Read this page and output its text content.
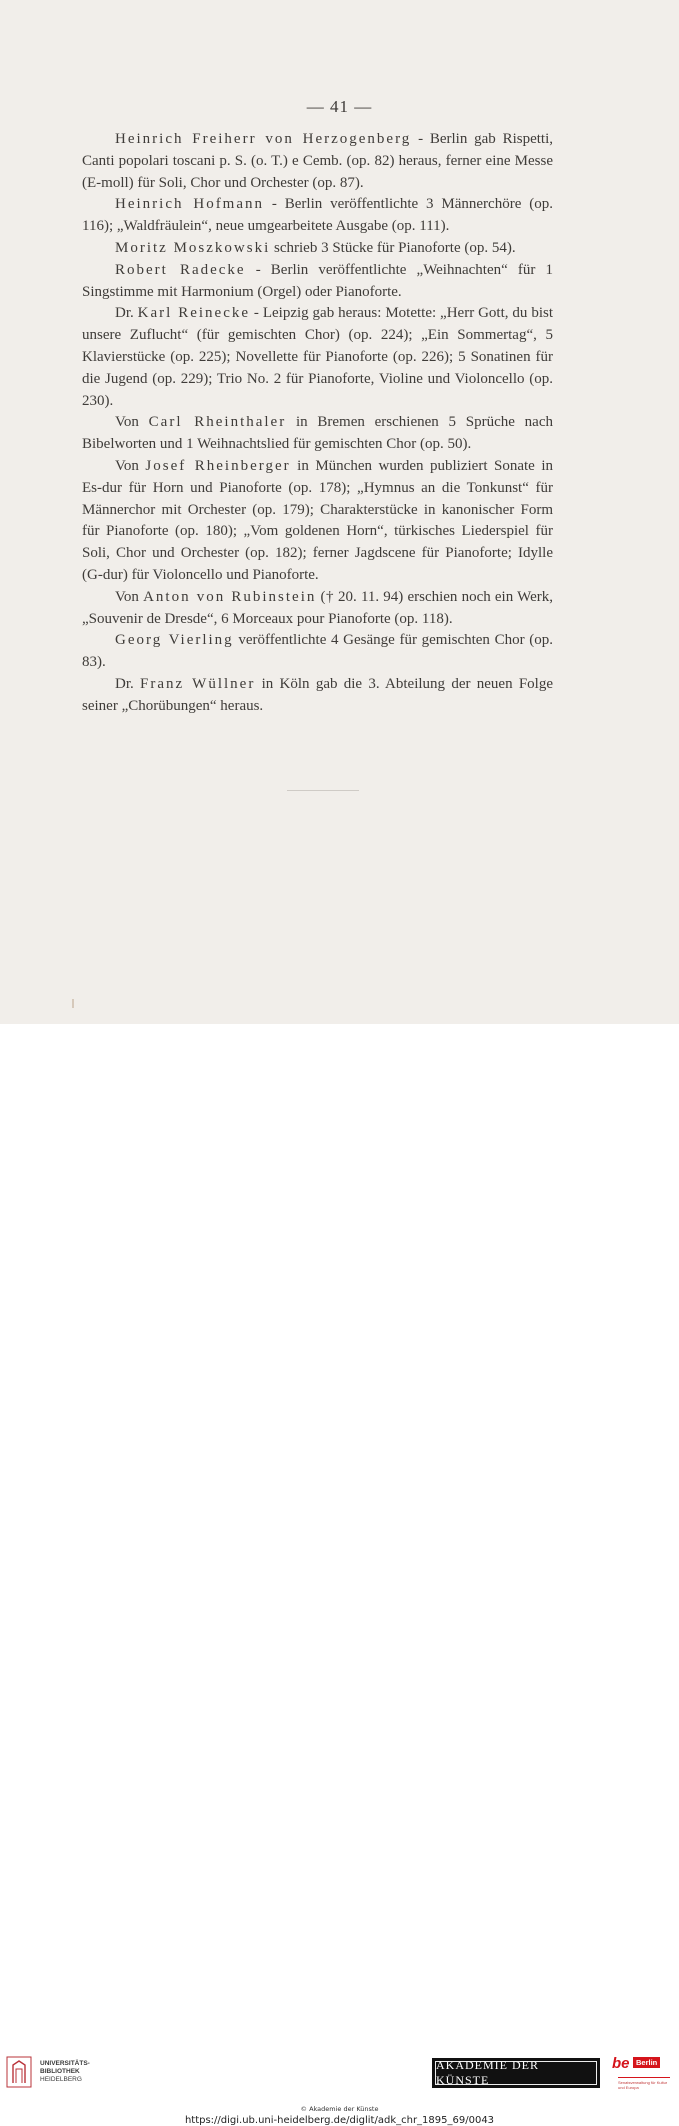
— 41 —

Heinrich Freiherr von Herzogenberg - Berlin gab Rispetti, Canti popolari toscani p. S. (o. T.) e Cemb. (op. 82) heraus, ferner eine Messe (E-moll) für Soli, Chor und Orchester (op. 87).

Heinrich Hofmann - Berlin veröffentlichte 3 Männerchöre (op. 116); „Waldfräulein“, neue umgearbeitete Ausgabe (op. 111).

Moritz Moszkowski schrieb 3 Stücke für Pianoforte (op. 54).

Robert Radecke - Berlin veröffentlichte „Weihnachten“ für 1 Singstimme mit Harmonium (Orgel) oder Pianoforte.

Dr. Karl Reinecke - Leipzig gab heraus: Motette: „Herr Gott, du bist unsere Zuflucht“ (für gemischten Chor) (op. 224); „Ein Sommertag“, 5 Klavierstücke (op. 225); Novellette für Pianoforte (op. 226); 5 Sonatinen für die Jugend (op. 229); Trio No. 2 für Pianoforte, Violine und Violoncello (op. 230).

Von Carl Rheinthaler in Bremen erschienen 5 Sprüche nach Bibelworten und 1 Weihnachtslied für gemischten Chor (op. 50).

Von Josef Rheinberger in München wurden publiziert Sonate in Es-dur für Horn und Pianoforte (op. 178); „Hymnus an die Tonkunst“ für Männerchor mit Orchester (op. 179); Charakterstücke in kanonischer Form für Pianoforte (op. 180); „Vom goldenen Horn“, türkisches Liederspiel für Soli, Chor und Orchester (op. 182); ferner Jagdscene für Pianoforte; Idylle (G-dur) für Violoncello und Pianoforte.

Von Anton von Rubinstein († 20. 11. 94) erschien noch ein Werk, „Souvenir de Dresde“, 6 Morceaux pour Pianoforte (op. 118).

Georg Vierling veröffentlichte 4 Gesänge für gemischten Chor (op. 83).

Dr. Franz Wüllner in Köln gab die 3. Abteilung der neuen Folge seiner „Chorübungen“ heraus.

UNIVERSITÄTS-
BIBLIOTHEK
HEIDELBERG
AKADEMIE DER KÜNSTE
be Berlin
Senatsverwaltung für Kultur und Europa
© Akademie der Künste
https://digi.ub.uni-heidelberg.de/diglit/adk_chr_1895_69/0043
